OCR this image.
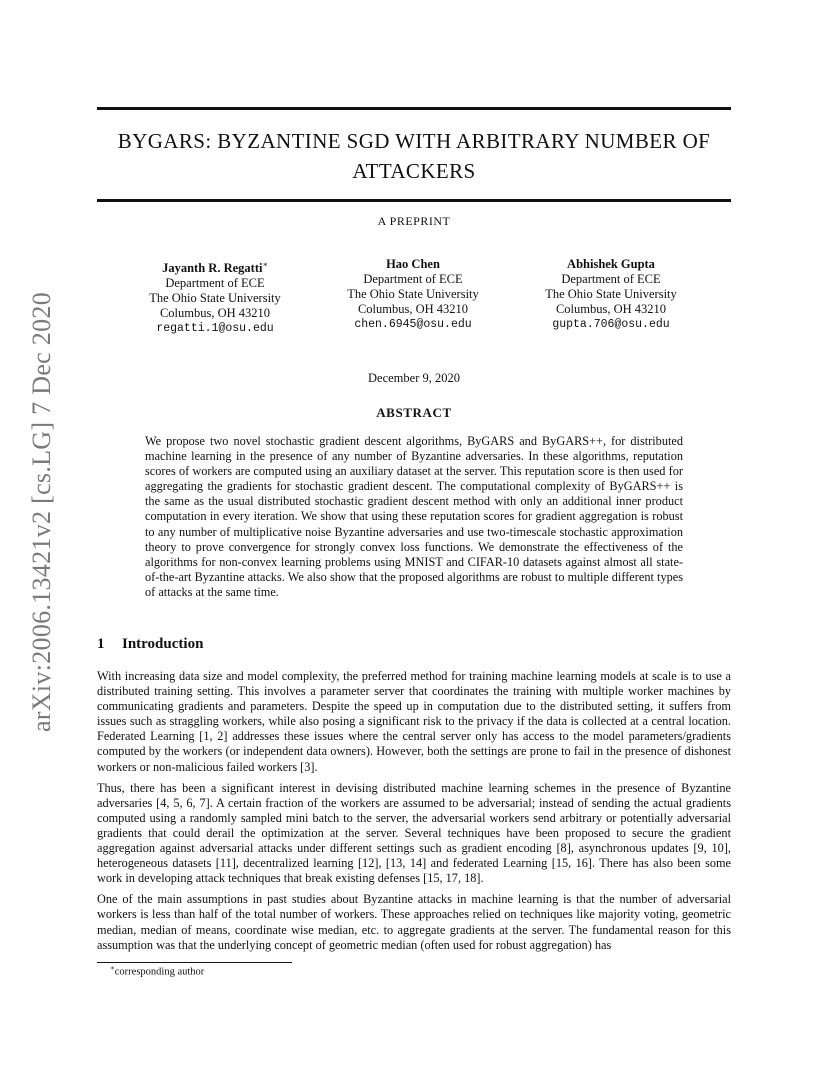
arXiv:2006.13421v2 [cs.LG] 7 Dec 2020
BYGARS: BYZANTINE SGD WITH ARBITRARY NUMBER OF
ATTACKERS
A PREPRINT
Jayanth R. Regatti∗
Department of ECE
The Ohio State University
Columbus, OH 43210
regatti.1@osu.edu
Hao Chen
Department of ECE
The Ohio State University
Columbus, OH 43210
chen.6945@osu.edu
Abhishek Gupta
Department of ECE
The Ohio State University
Columbus, OH 43210
gupta.706@osu.edu
December 9, 2020
ABSTRACT
We propose two novel stochastic gradient descent algorithms, ByGARS and ByGARS++, for distributed machine learning in the presence of any number of Byzantine adversaries. In these algorithms, reputation scores of workers are computed using an auxiliary dataset at the server. This reputation score is then used for aggregating the gradients for stochastic gradient descent. The computational complexity of ByGARS++ is the same as the usual distributed stochastic gradient descent method with only an additional inner product computation in every iteration. We show that using these reputation scores for gradient aggregation is robust to any number of multiplicative noise Byzantine adversaries and use two-timescale stochastic approximation theory to prove convergence for strongly convex loss functions. We demonstrate the effectiveness of the algorithms for non-convex learning problems using MNIST and CIFAR-10 datasets against almost all state-of-the-art Byzantine attacks. We also show that the proposed algorithms are robust to multiple different types of attacks at the same time.
1 Introduction

With increasing data size and model complexity, the preferred method for training machine learning models at scale is to use a distributed training setting. This involves a parameter server that coordinates the training with multiple worker machines by communicating gradients and parameters. Despite the speed up in computation due to the distributed setting, it suffers from issues such as straggling workers, while also posing a significant risk to the privacy if the data is collected at a central location. Federated Learning [1, 2] addresses these issues where the central server only has access to the model parameters/gradients computed by the workers (or independent data owners). However, both the settings are prone to fail in the presence of dishonest workers or non-malicious failed workers [3].

Thus, there has been a significant interest in devising distributed machine learning schemes in the presence of Byzantine adversaries [4, 5, 6, 7]. A certain fraction of the workers are assumed to be adversarial; instead of sending the actual gradients computed using a randomly sampled mini batch to the server, the adversarial workers send arbitrary or potentially adversarial gradients that could derail the optimization at the server. Several techniques have been proposed to secure the gradient aggregation against adversarial attacks under different settings such as gradient encoding [8], asynchronous updates [9, 10], heterogeneous datasets [11], decentralized learning [12], [13, 14] and federated Learning [15, 16]. There has also been some work in developing attack techniques that break existing defenses [15, 17, 18].

One of the main assumptions in past studies about Byzantine attacks in machine learning is that the number of adversarial workers is less than half of the total number of workers. These approaches relied on techniques like majority voting, geometric median, median of means, coordinate wise median, etc. to aggregate gradients at the server. The fundamental reason for this assumption was that the underlying concept of geometric median (often used for robust aggregation) has

∗corresponding author
